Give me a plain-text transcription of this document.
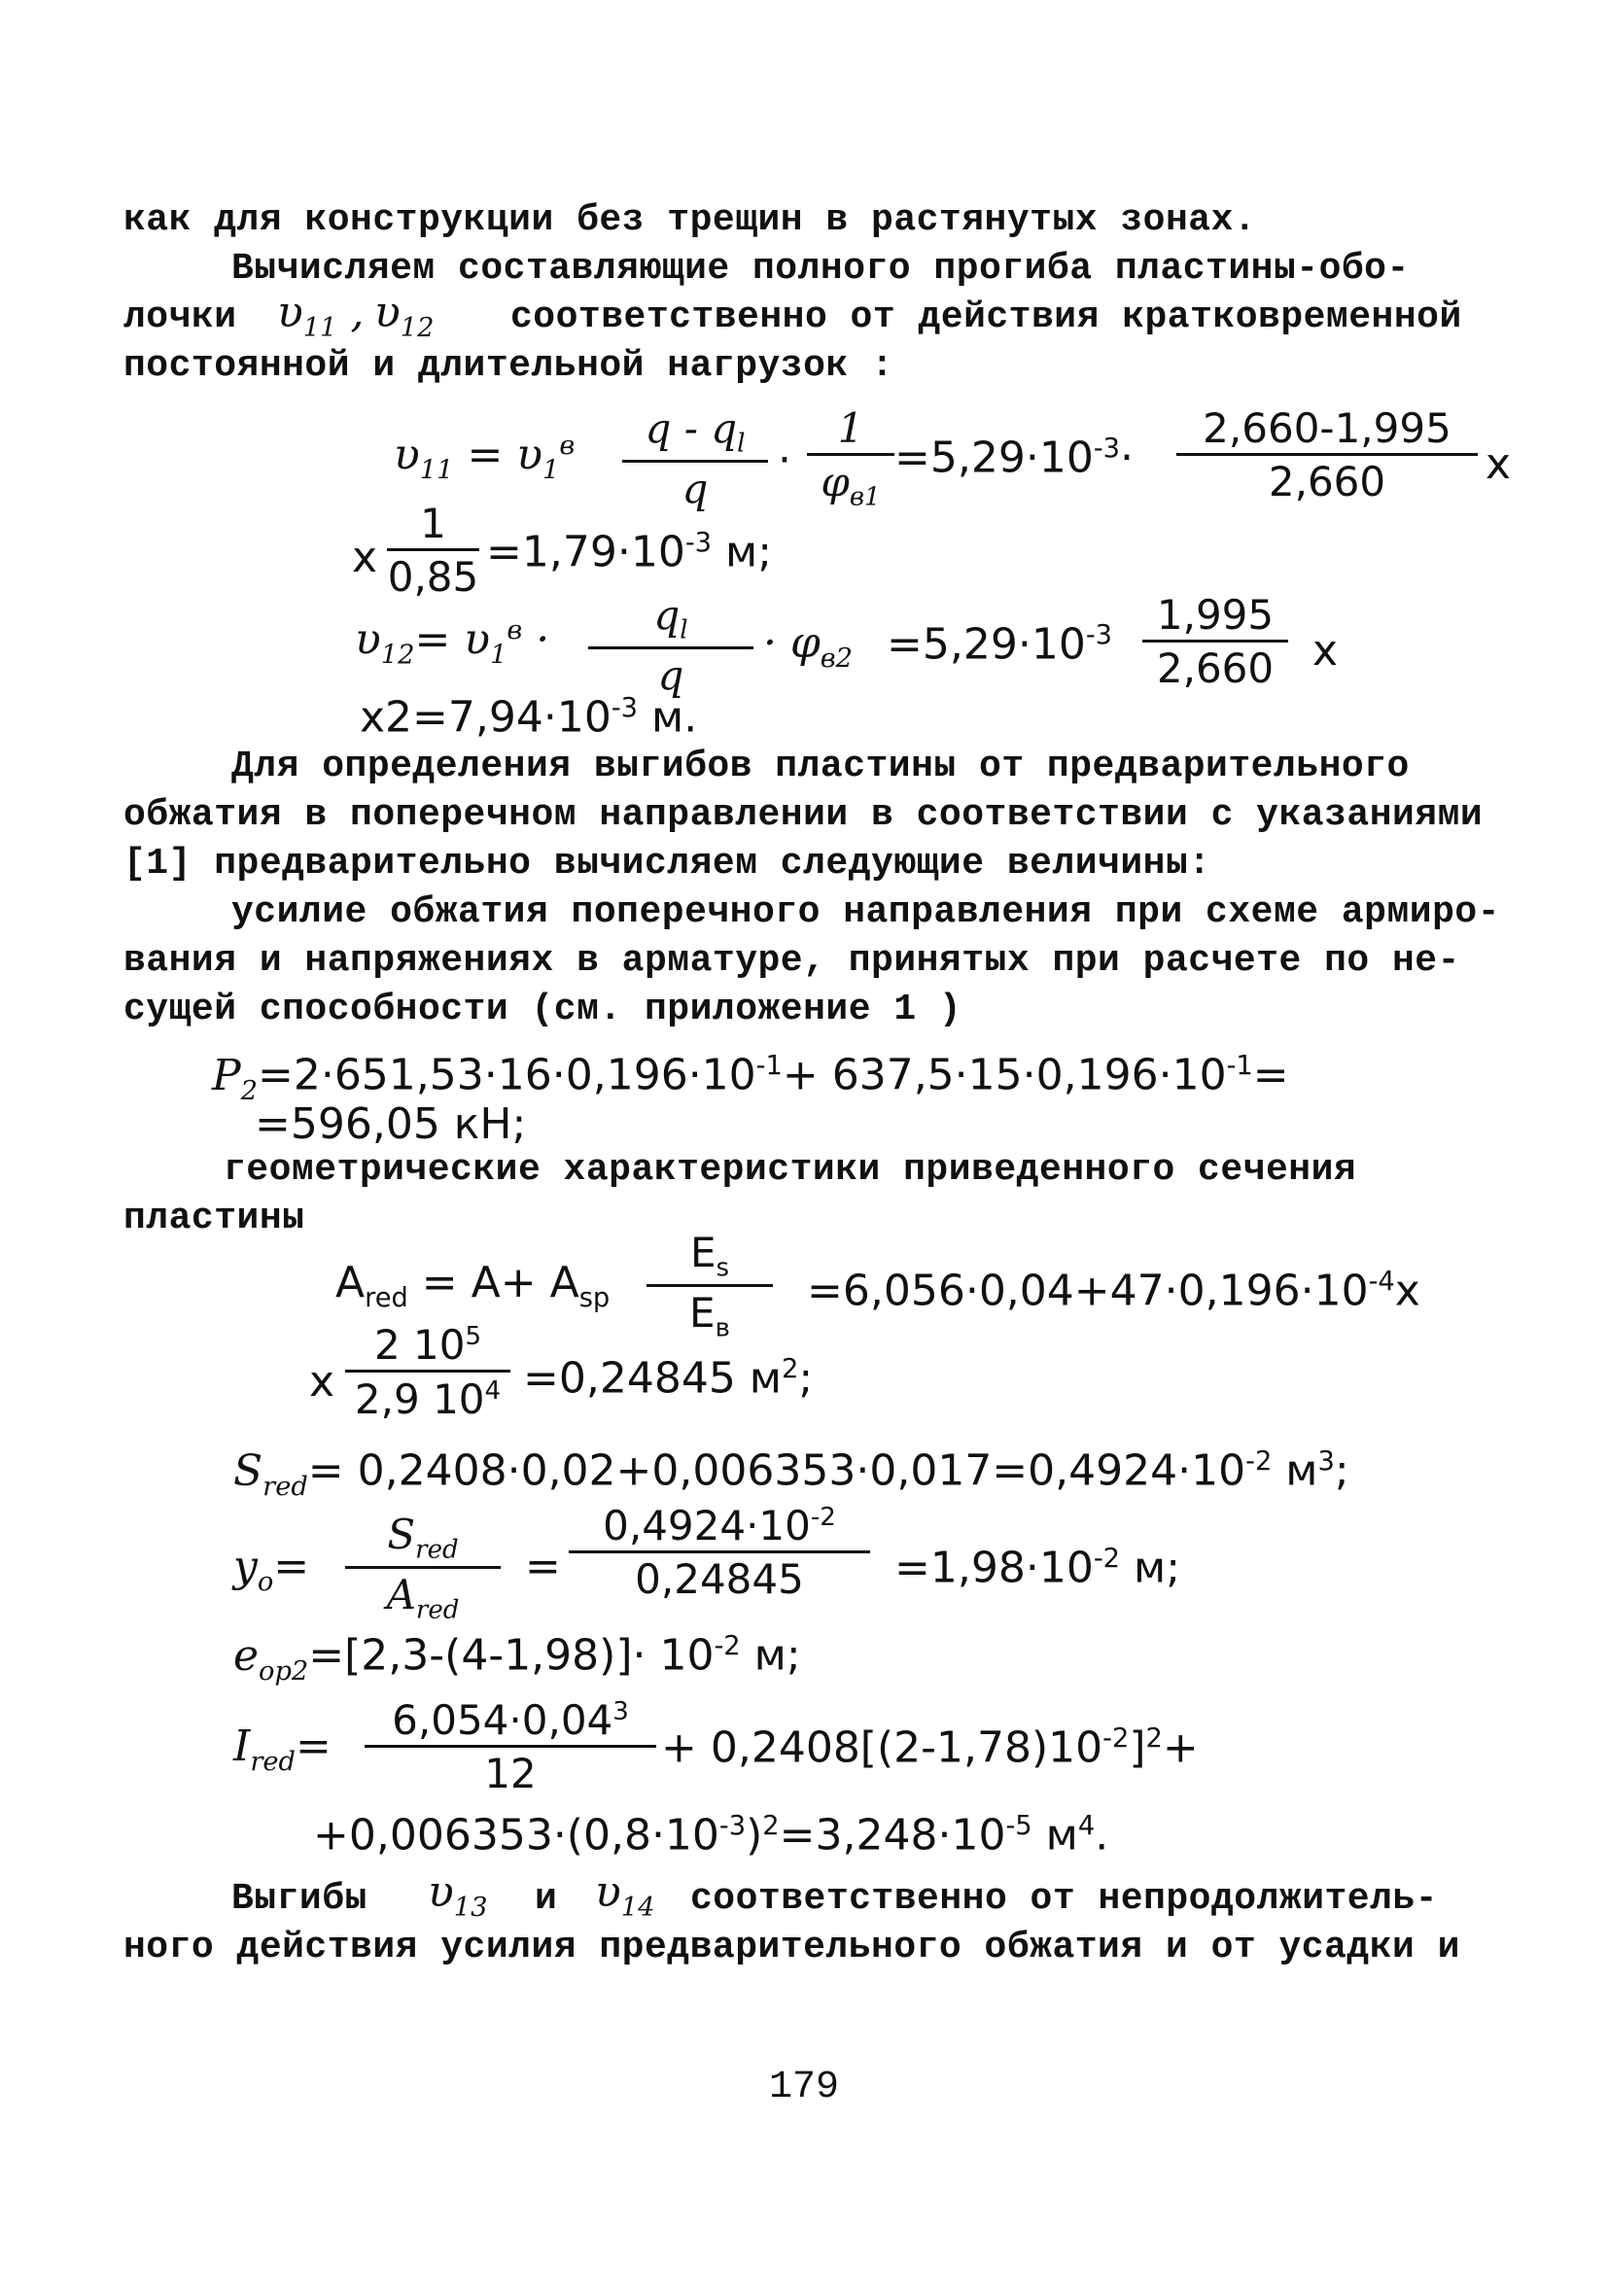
как для конструкции без трещин в растянутых зонах.
Вычисляем составляющие полного прогиба пластины-обо-
лочки $\upsilon_{11}$ , $\upsilon_{12}$ соответственно от действия кратковременной
постоянной и длительной нагрузок :
$\upsilon_{11} = \upsilon_1^в \frac{q - q_l}{q}$ ·
1
$\varphi_{в1}$
$=5,29\cdot 10^{-3}\cdot \frac{2,660-1,995}{2,660}$ x
x $\frac{1}{0,85} =1,79\cdot 10^{-3}$ м;
$\upsilon_{12}= \upsilon_1^в \cdot \frac{q_l}{q} \cdot \varphi_{в2} =5,29\cdot 10^{-3} \frac{1,995}{2,660}$ x
$x2=7,94\cdot 10^{-3}$ м.
Для определения выгибов пластины от предварительного
обжатия в поперечном направлении в соответствии с указаниями
[1] предварительно вычисляем следующие величины:
усилие обжатия поперечного направления при схеме армиро-
вания и напряжениях в арматуре, принятых при расчете по не-
сущей способности (см. приложение 1 )
$P_2=2\cdot 651,53\cdot 16\cdot 0,196\cdot 10^{-1}+ 637,5\cdot 15\cdot 0,196\cdot 10^{-1}=$
=596,05 кН;
геометрические характеристики приведенного сечения
пластины
$A_{red} = A+ A_{sp}$
$E_s$
$E_в$
$=6,056\cdot 0,04+47\cdot 0,196\cdot 10^{-4}x$
x $\frac{2 10^5}{2,9 10^4} =0,24845$ $м^2$;
$S_{red}= 0,2408\cdot 0,02+0,006353\cdot 0,017=0,4924\cdot 10^{-2}$ $м^3$;
$y_o=$
$S_{red}$
$A_{red}$
= $\frac{0,4924\cdot 10^{-2}}{0,24845} =1,98\cdot 10^{-2}$ м;
$e_{op2}=[2,3-(4-1,98)]\cdot 10^{-2}$ м;
$I_{red}= \frac{6,054\cdot 0,04^3}{12} + 0,2408[(2-1,78)10^{-2}]^2+$
$+0,006353\cdot(0,8\cdot 10^{-3})^2=3,248\cdot 10^{-5}$ $м^4$.
Выгибы $\upsilon_{13}$ и $\upsilon_{14}$ соответственно от непродолжитель-
ного действия усилия предварительного обжатия и от усадки и
179
